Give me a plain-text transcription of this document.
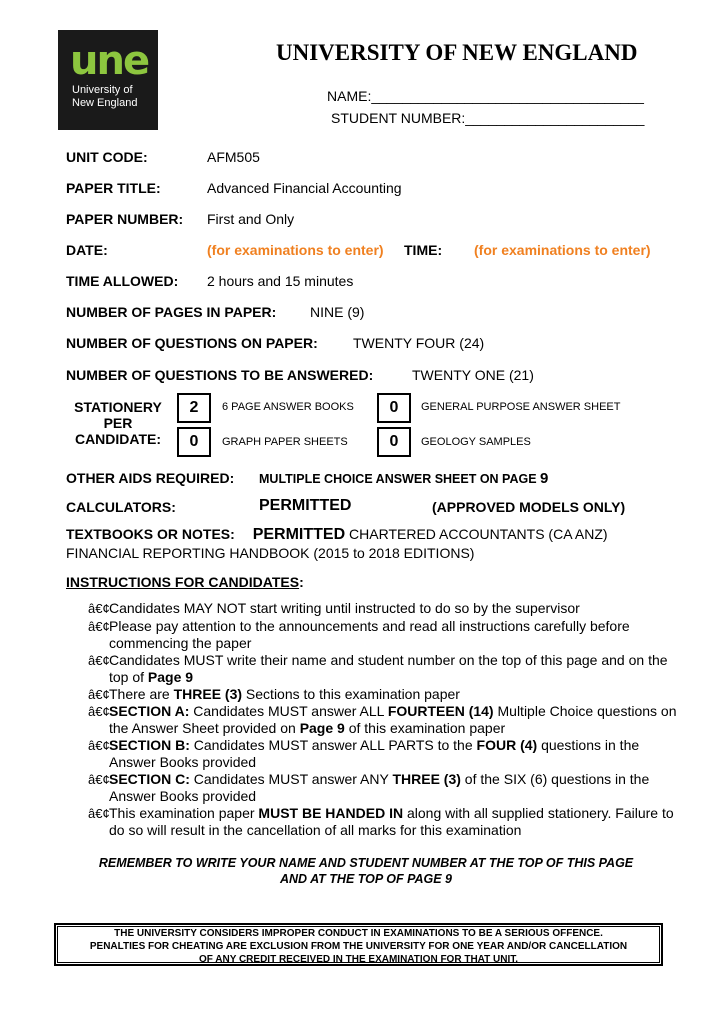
une
University of
New England
UNIVERSITY OF NEW ENGLAND
NAME:___________________________________
STUDENT NUMBER:_______________________
UNIT CODE:	AFM505
PAPER TITLE:	Advanced Financial Accounting
PAPER NUMBER: First and Only
DATE:	(for examinations to enter) TIME: (for examinations to enter)
TIME ALLOWED: 2 hours and 15 minutes
NUMBER OF PAGES IN PAPER: NINE (9)
NUMBER OF QUESTIONS ON PAPER:	TWENTY FOUR (24)
NUMBER OF QUESTIONS TO BE ANSWERED:	TWENTY ONE (21)
STATIONERY
PER
CANDIDATE:
2	6 PAGE ANSWER BOOKS	0	GENERAL PURPOSE ANSWER SHEET
0	GRAPH PAPER SHEETS	0	GEOLOGY SAMPLES
OTHER AIDS REQUIRED: MULTIPLE CHOICE ANSWER SHEET ON PAGE 9
CALCULATORS:	PERMITTED	(APPROVED MODELS ONLY)
TEXTBOOKS OR NOTES: PERMITTED CHARTERED ACCOUNTANTS (CA ANZ)
FINANCIAL REPORTING HANDBOOK (2015 to 2018 EDITIONS)
INSTRUCTIONS FOR CANDIDATES:
â€¢ Candidates MAY NOT start writing until instructed to do so by the supervisor
â€¢ Please pay attention to the announcements and read all instructions carefully before commencing the paper
â€¢ Candidates MUST write their name and student number on the top of this page and on the top of Page 9
â€¢ There are THREE (3) Sections to this examination paper
â€¢ SECTION A: Candidates MUST answer ALL FOURTEEN (14) Multiple Choice questions on the Answer Sheet provided on Page 9 of this examination paper
â€¢ SECTION B: Candidates MUST answer ALL PARTS to the FOUR (4) questions in the Answer Books provided
â€¢ SECTION C: Candidates MUST answer ANY THREE (3) of the SIX (6) questions in the Answer Books provided
â€¢ This examination paper MUST BE HANDED IN along with all supplied stationery. Failure to do so will result in the cancellation of all marks for this examination
REMEMBER TO WRITE YOUR NAME AND STUDENT NUMBER AT THE TOP OF THIS PAGE
AND AT THE TOP OF PAGE 9
THE UNIVERSITY CONSIDERS IMPROPER CONDUCT IN EXAMINATIONS TO BE A SERIOUS OFFENCE.
PENALTIES FOR CHEATING ARE EXCLUSION FROM THE UNIVERSITY FOR ONE YEAR AND/OR CANCELLATION
OF ANY CREDIT RECEIVED IN THE EXAMINATION FOR THAT UNIT.
